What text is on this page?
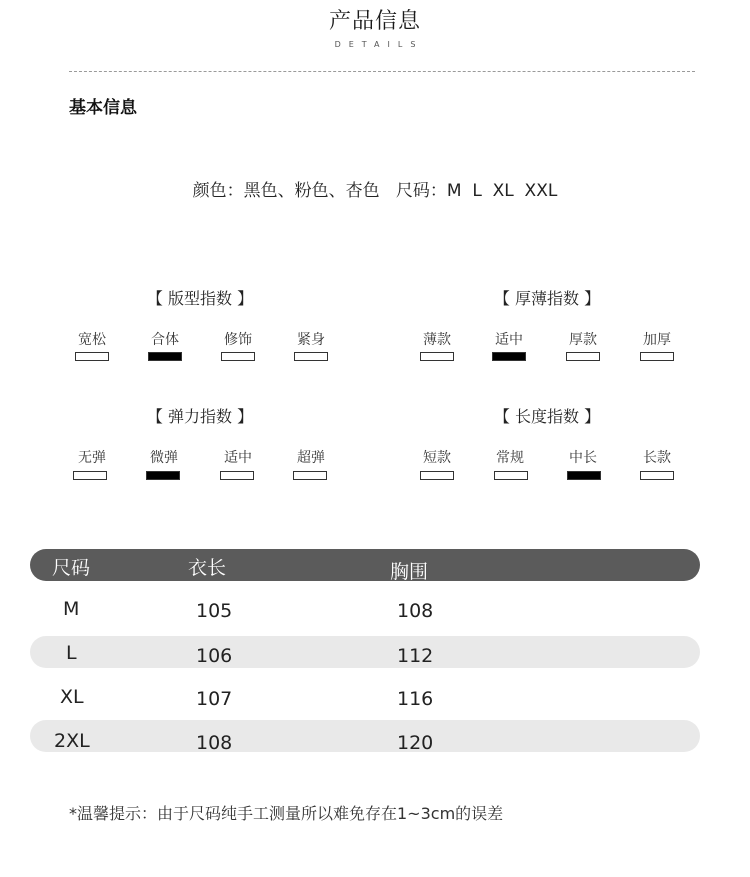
产品信息
DETAILS
基本信息
颜色：黑色、粉色、杏色 尺码：M  L  XL  XXL
【 版型指数 】
宽松	合体	修饰	紧身
【 厚薄指数 】
薄款	适中	厚款	加厚
【 弹力指数 】
无弹	微弹	适中	超弹
【 长度指数 】
短款	常规	中长	长款
尺码	衣长	胸围
M	105	108
L	106	112
XL	107	116
2XL	108	120
*温馨提示：由于尺码纯手工测量所以难免存在1~3cm的误差
